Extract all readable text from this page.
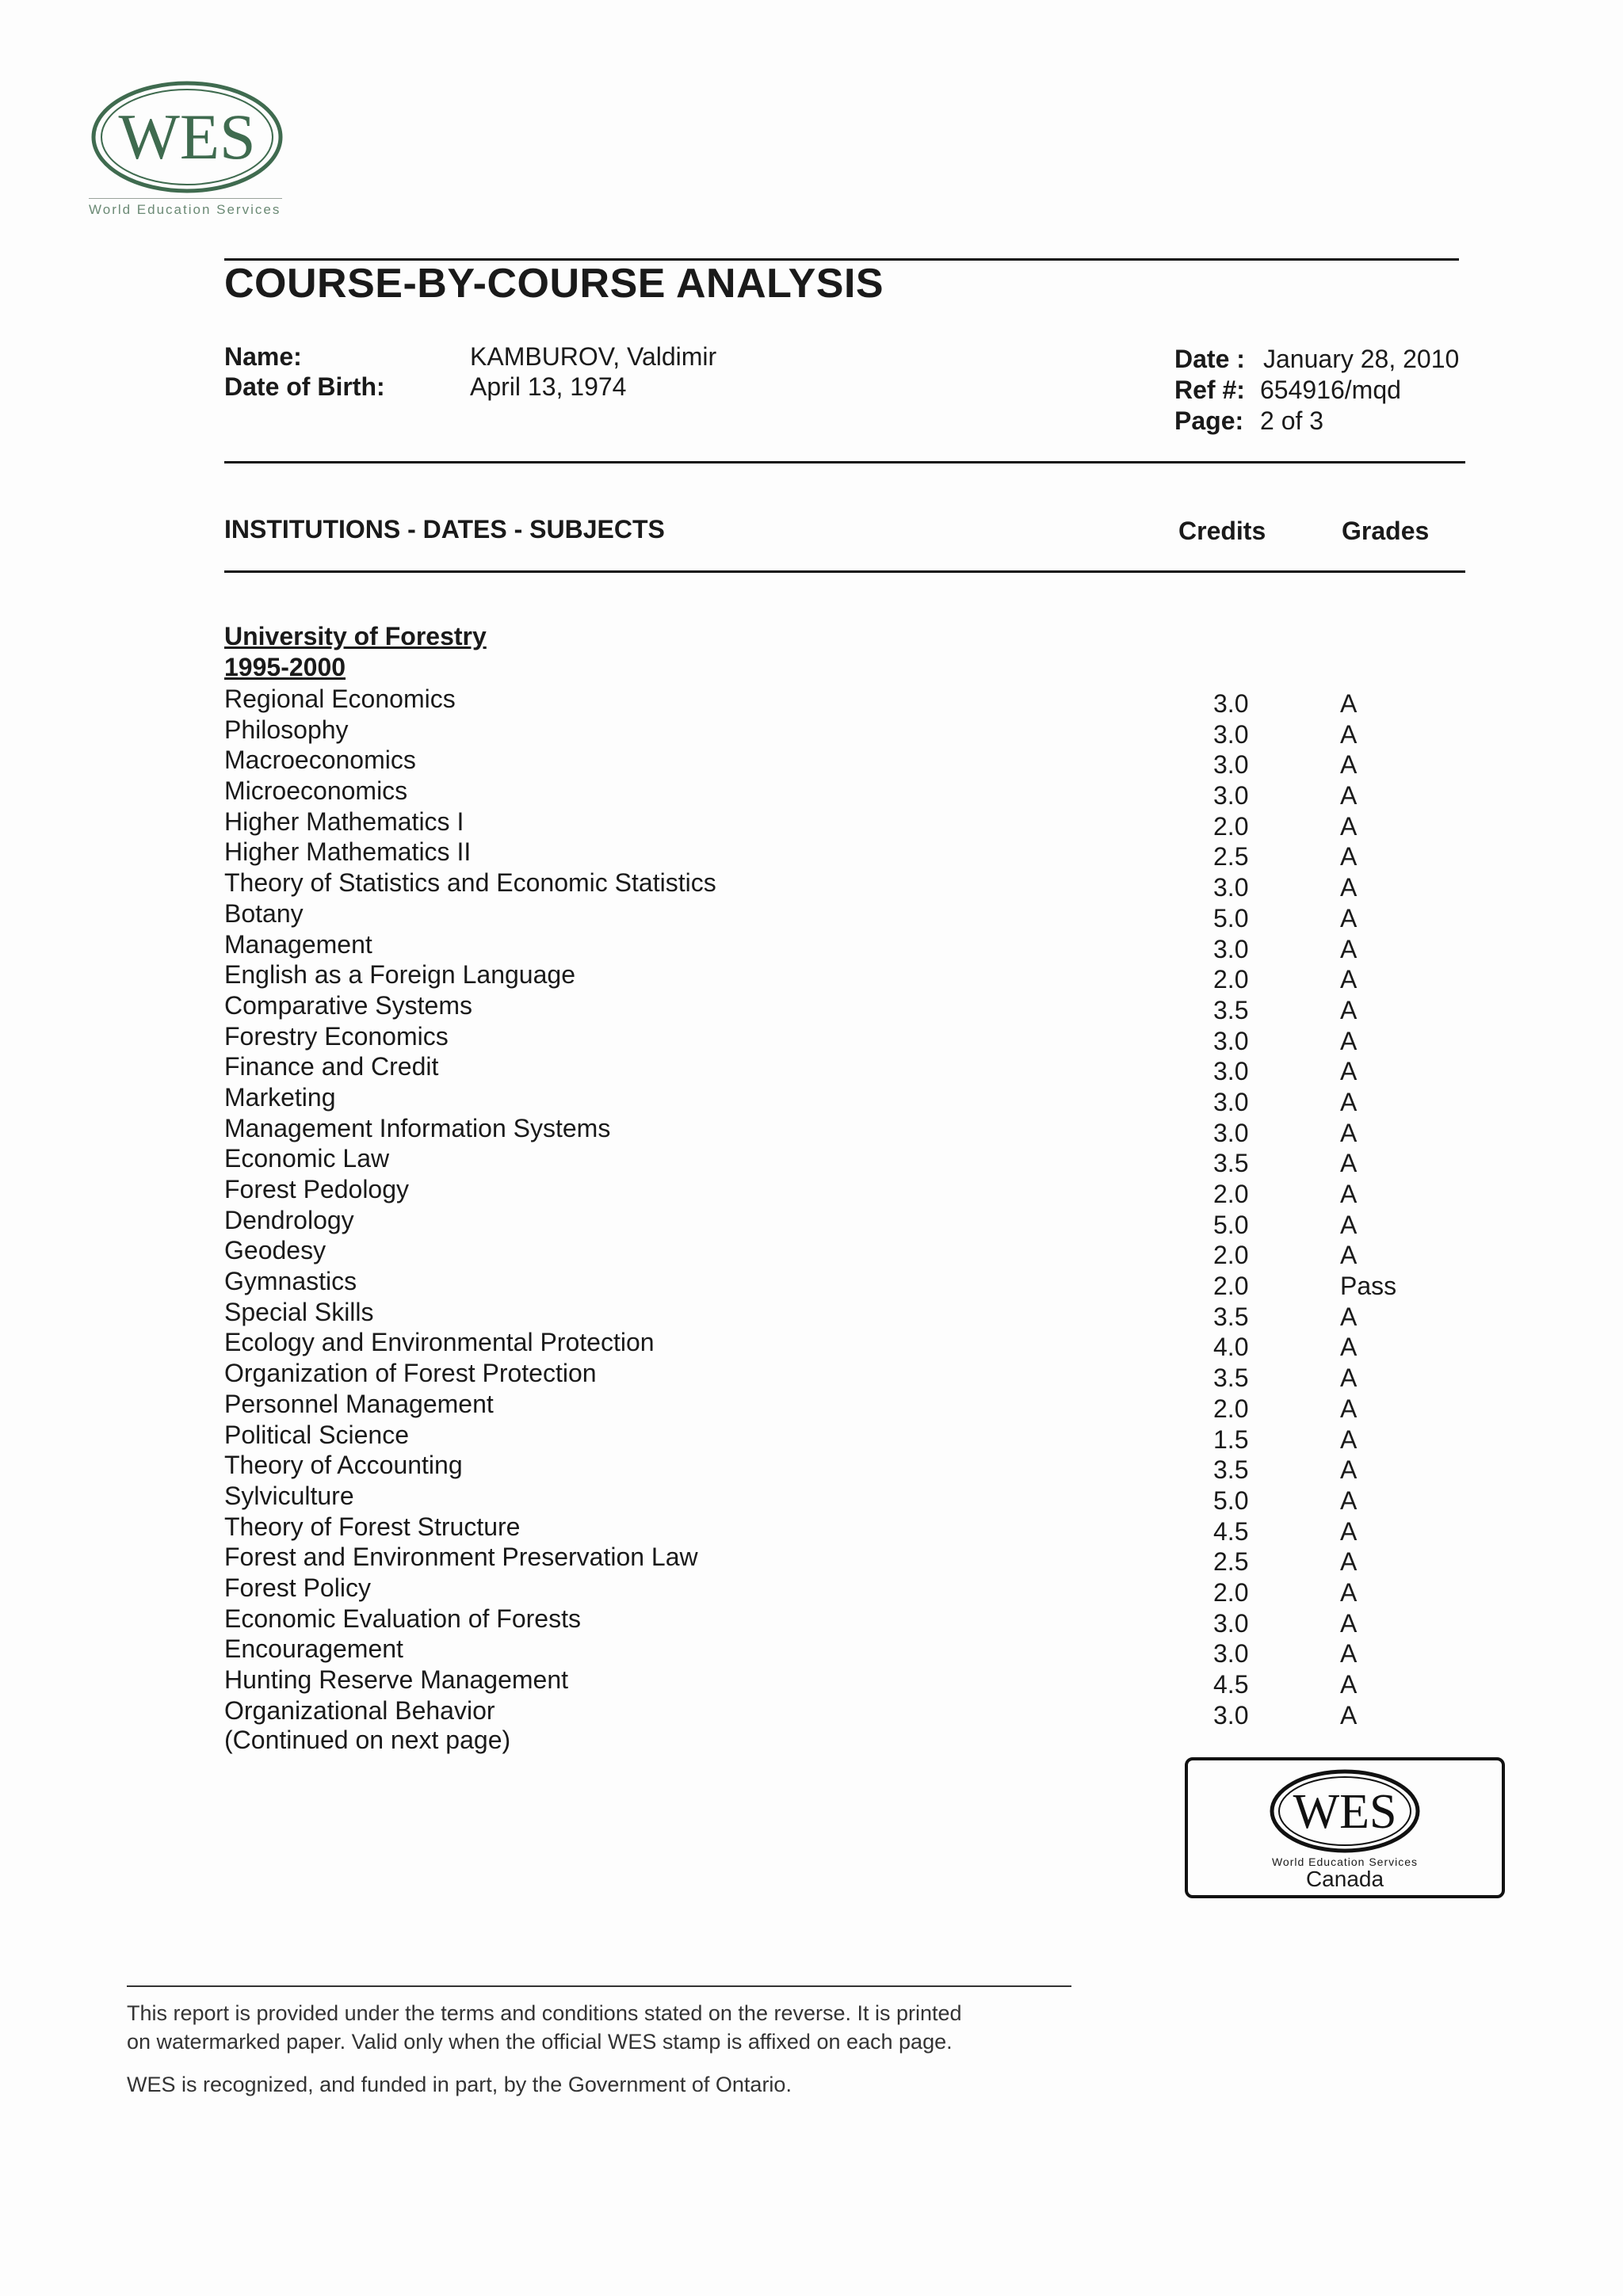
WES
World Education Services
COURSE-BY-COURSE ANALYSIS
Name:	KAMBUROV, Valdimir
Date of Birth:	April 13, 1974
Date : January 28, 2010
Ref #: 654916/mqd
Page: 2 of 3
INSTITUTIONS - DATES - SUBJECTS	Credits	Grades
University of Forestry
1995-2000
Regional Economics	3.0	A
Philosophy	3.0	A
Macroeconomics	3.0	A
Microeconomics	3.0	A
Higher Mathematics I	2.0	A
Higher Mathematics II	2.5	A
Theory of Statistics and Economic Statistics	3.0	A
Botany	5.0	A
Management	3.0	A
English as a Foreign Language	2.0	A
Comparative Systems	3.5	A
Forestry Economics	3.0	A
Finance and Credit	3.0	A
Marketing	3.0	A
Management Information Systems	3.0	A
Economic Law	3.5	A
Forest Pedology	2.0	A
Dendrology	5.0	A
Geodesy	2.0	A
Gymnastics	2.0	Pass
Special Skills	3.5	A
Ecology and Environmental Protection	4.0	A
Organization of Forest Protection	3.5	A
Personnel Management	2.0	A
Political Science	1.5	A
Theory of Accounting	3.5	A
Sylviculture	5.0	A
Theory of Forest Structure	4.5	A
Forest and Environment Preservation Law	2.5	A
Forest Policy	2.0	A
Economic Evaluation of Forests	3.0	A
Encouragement	3.0	A
Hunting Reserve Management	4.5	A
Organizational Behavior	3.0	A
(Continued on next page)
WES
World Education Services
Canada
This report is provided under the terms and conditions stated on the reverse. It is printed
on watermarked paper. Valid only when the official WES stamp is affixed on each page.
WES is recognized, and funded in part, by the Government of Ontario.
